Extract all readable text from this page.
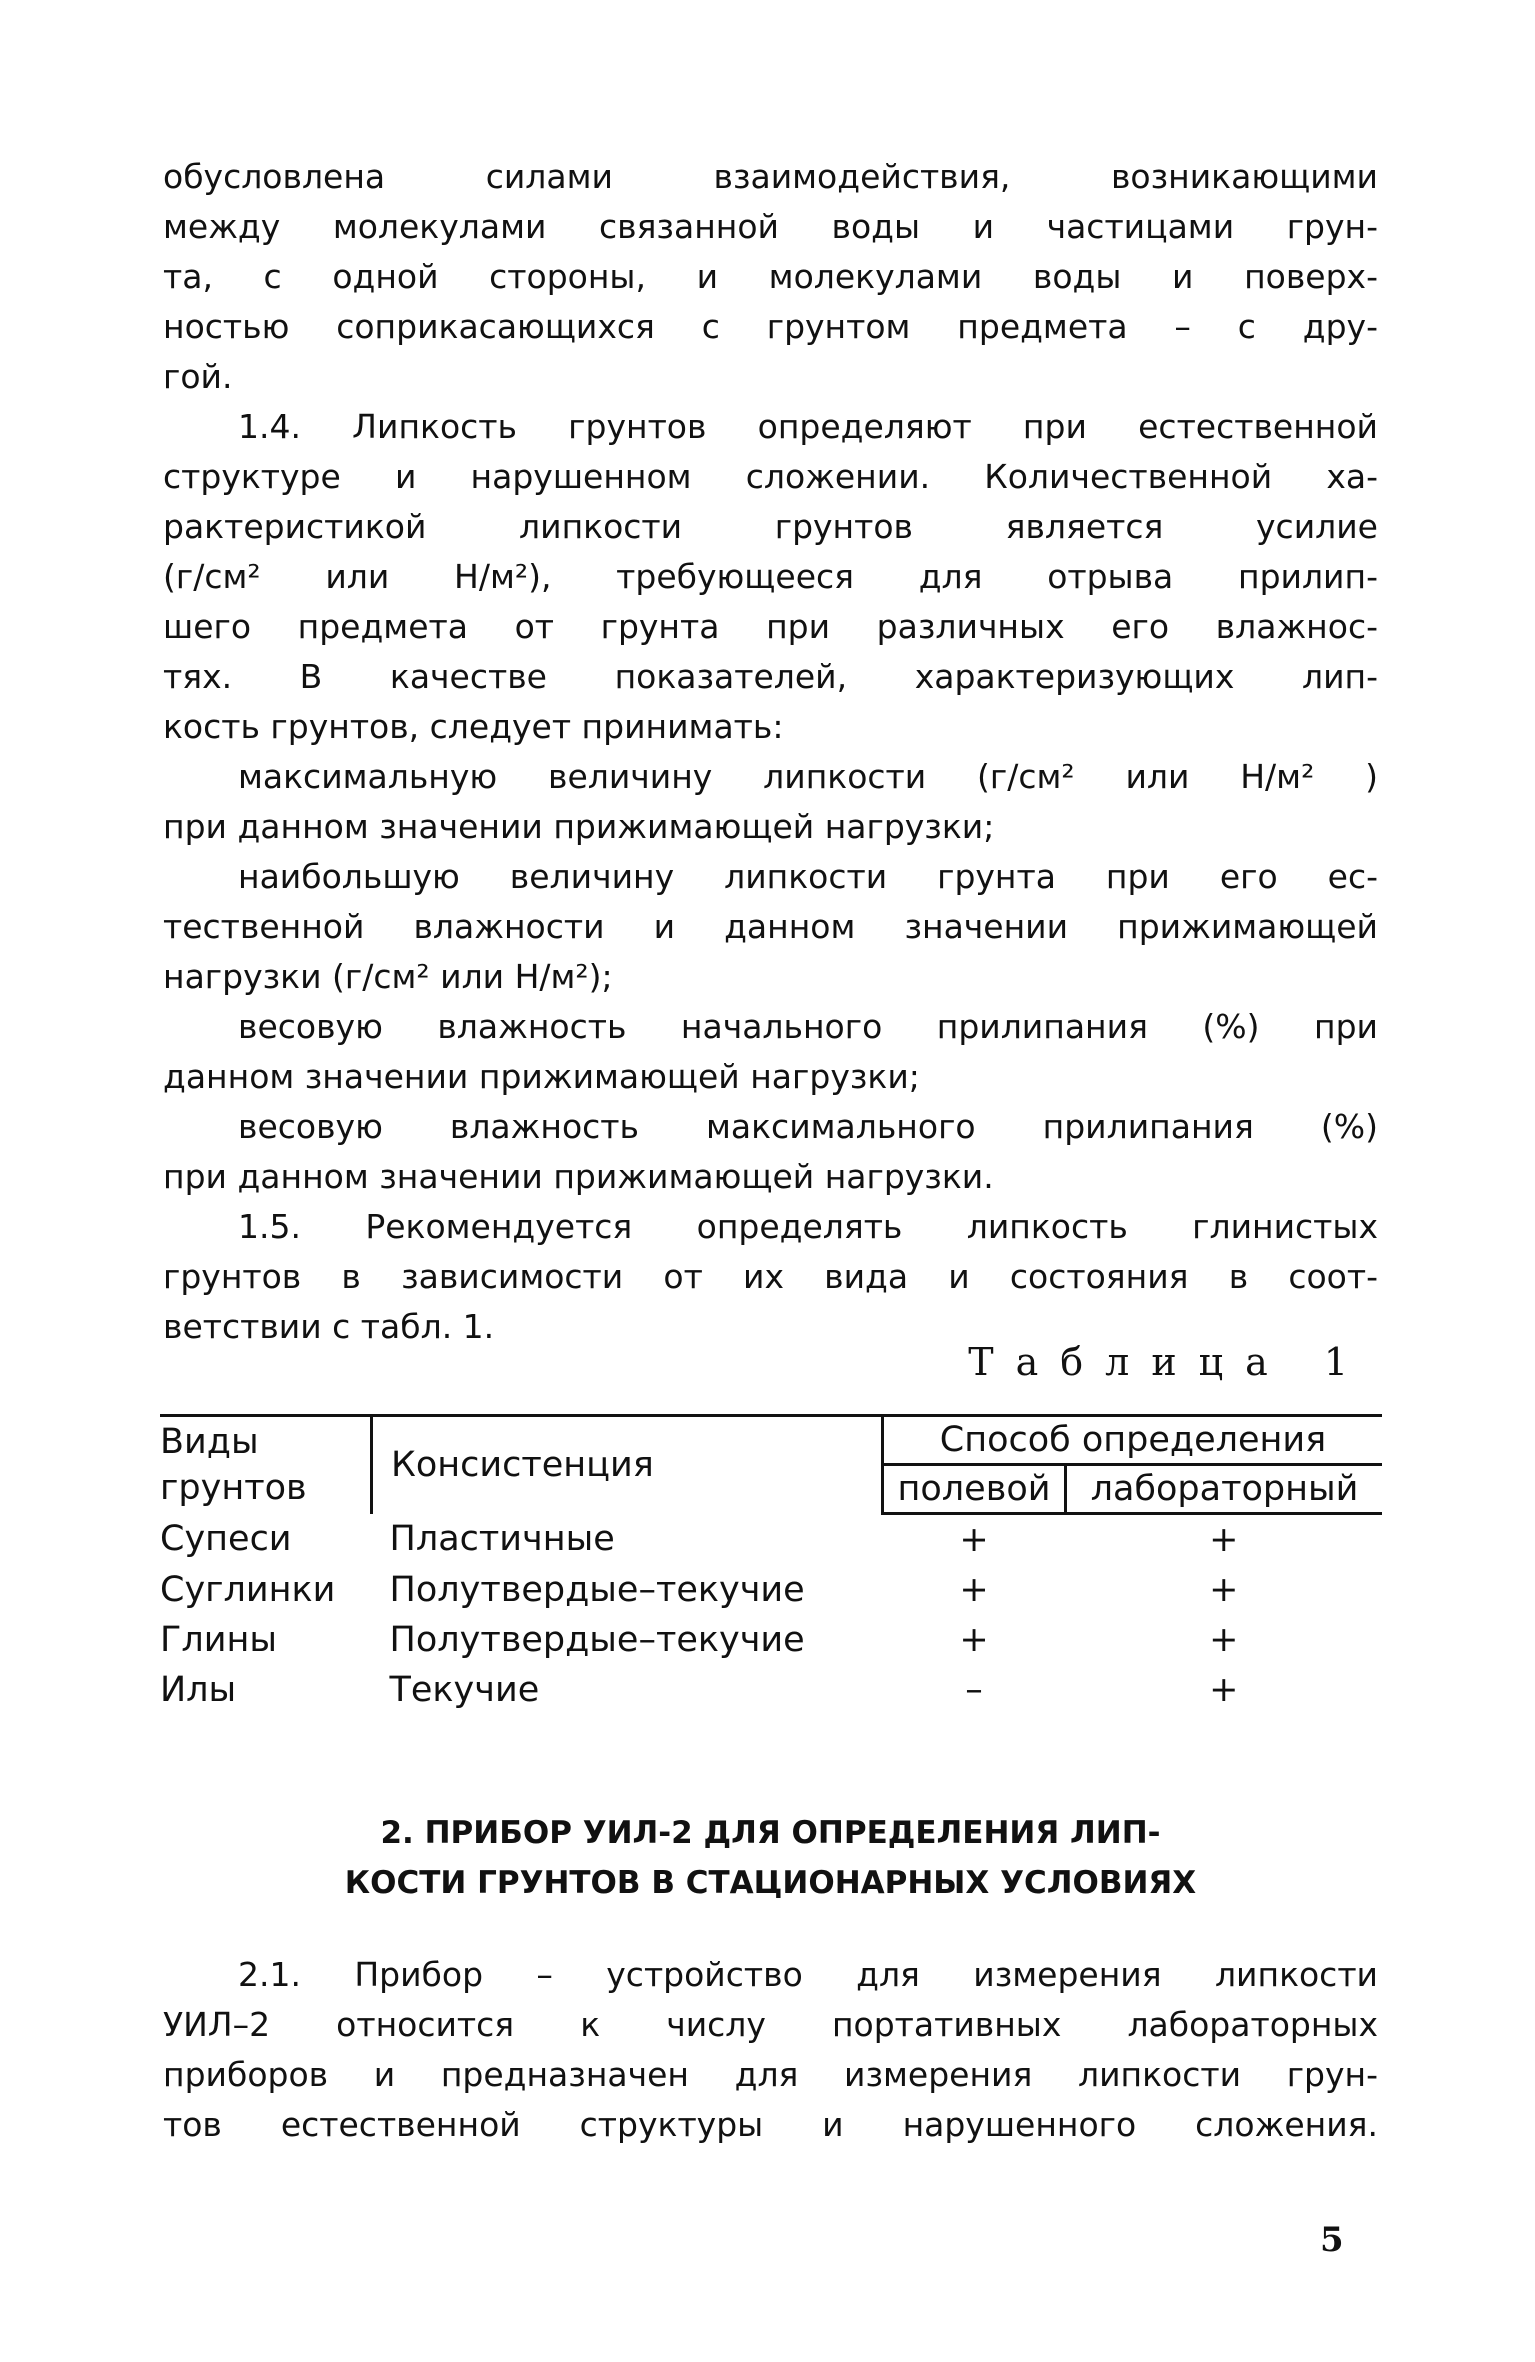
обусловлена силами взаимодействия, возникающими
между молекулами связанной воды и частицами грун-
та, с одной стороны, и молекулами воды и поверх-
ностью соприкасающихся с грунтом предмета – с дру-
гой.
1.4. Липкость грунтов определяют при естественной
структуре и нарушенном сложении. Количественной ха-
рактеристикой липкости грунтов является усилие
(г/см² или Н/м²), требующееся для отрыва прилип-
шего предмета от грунта при различных его влажнос-
тях. В качестве показателей, характеризующих лип-
кость грунтов, следует принимать:
максимальную величину липкости (г/см² или Н/м² )
при данном значении прижимающей нагрузки;
наибольшую величину липкости грунта при его ес-
тественной влажности и данном значении прижимающей
нагрузки (г/см² или Н/м²);
весовую влажность начального прилипания (%) при
данном значении прижимающей нагрузки;
весовую влажность максимального прилипания (%)
при данном значении прижимающей нагрузки.
1.5. Рекомендуется определять липкость глинистых
грунтов в зависимости от их вида и состояния в соот-
ветствии с табл. 1.
Таблица 1
Виды грунтов	Консистенция	Способ определения	
		полевой	лабораторный
Супеси	Пластичные	+	+
Суглинки	Полутвердые–текучие	+	+
Глины	Полутвердые–текучие	+	+
Илы	Текучие	–	+
2. ПРИБОР УИЛ-2 ДЛЯ ОПРЕДЕЛЕНИЯ ЛИП-
КОСТИ ГРУНТОВ В СТАЦИОНАРНЫХ УСЛОВИЯХ
2.1. Прибор – устройство для измерения липкости
УИЛ–2 относится к числу портативных лабораторных
приборов и предназначен для измерения липкости грун-
тов естественной структуры и нарушенного сложения.
5
